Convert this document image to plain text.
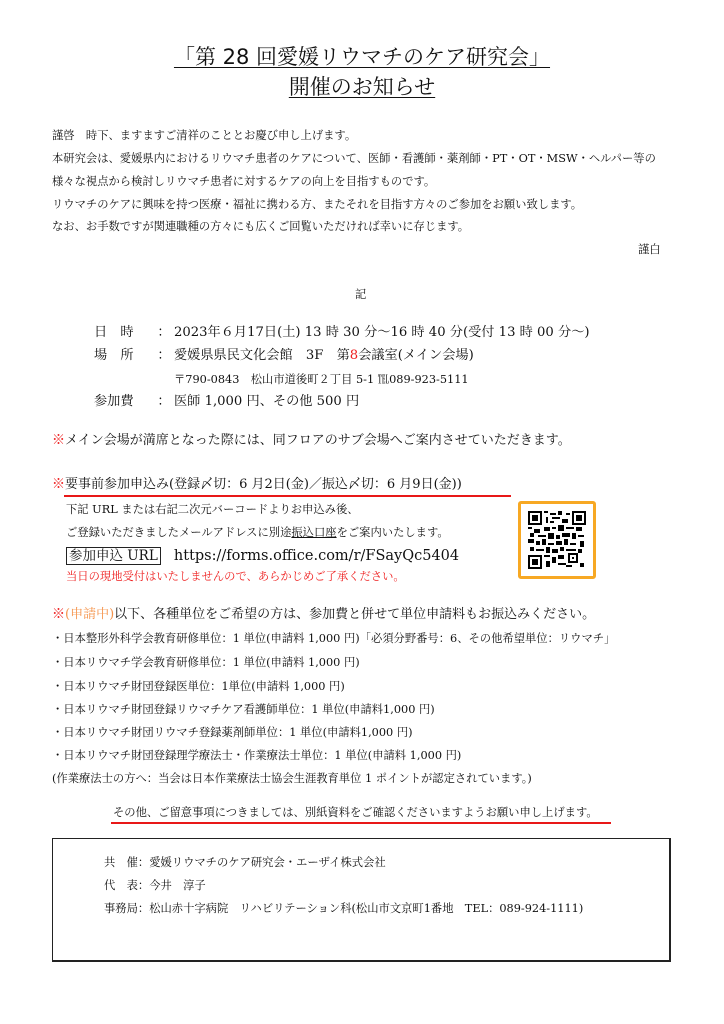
「第 28 回愛媛リウマチのケア研究会」
開催のお知らせ
謹啓　時下、ますますご清祥のこととお慶び申し上げます。
本研究会は、愛媛県内におけるリウマチ患者のケアについて、医師・看護師・薬剤師・PT・OT・MSW・ヘルパー等の
様々な視点から検討しリウマチ患者に対するケアの向上を目指すものです。
リウマチのケアに興味を持つ医療・福祉に携わる方、またそれを目指す方々のご参加をお願い致します。
なお、お手数ですが関連職種の方々にも広くご回覧いただければ幸いに存じます。
謹白
記
日　時 ： 2023年６月17日(土) 13 時 30 分～16 時 40 分(受付 13 時 00 分～)
場　所 ： 愛媛県県民文化会館　3F　第8会議室(メイン会場)
〒790-0843　松山市道後町２丁目 5-1 ℡089-923-5111
参加費 ： 医師 1,000 円、その他 500 円
※メイン会場が満席となった際には、同フロアのサブ会場へご案内させていただきます。
※要事前参加申込み(登録〆切：6 月2日(金)／振込〆切：6 月9日(金))
下記 URL または右記二次元バーコードよりお申込み後、
ご登録いただきましたメールアドレスに別途振込口座をご案内いたします。
参加申込 URL https://forms.office.com/r/FSayQc5404
当日の現地受付はいたしませんので、あらかじめご了承ください。
※(申請中)以下、各種単位をご希望の方は、参加費と併せて単位申請料もお振込みください。
・日本整形外科学会教育研修単位：1 単位(申請料 1,000 円)「必須分野番号：6、その他希望単位：リウマチ」
・日本リウマチ学会教育研修単位：1 単位(申請料 1,000 円)
・日本リウマチ財団登録医単位：1単位(申請料 1,000 円)
・日本リウマチ財団登録リウマチケア看護師単位：1 単位(申請料1,000 円)
・日本リウマチ財団リウマチ登録薬剤師単位：1 単位(申請料1,000 円)
・日本リウマチ財団登録理学療法士・作業療法士単位：1 単位(申請料 1,000 円)
(作業療法士の方へ：当会は日本作業療法士協会生涯教育単位 1 ポイントが認定されています。)
その他、ご留意事項につきましては、別紙資料をご確認くださいますようお願い申し上げます。
共　催：愛媛リウマチのケア研究会・エーザイ株式会社
代　表：今井　淳子
事務局：松山赤十字病院　リハビリテーション科(松山市文京町1番地　TEL：089-924-1111)
